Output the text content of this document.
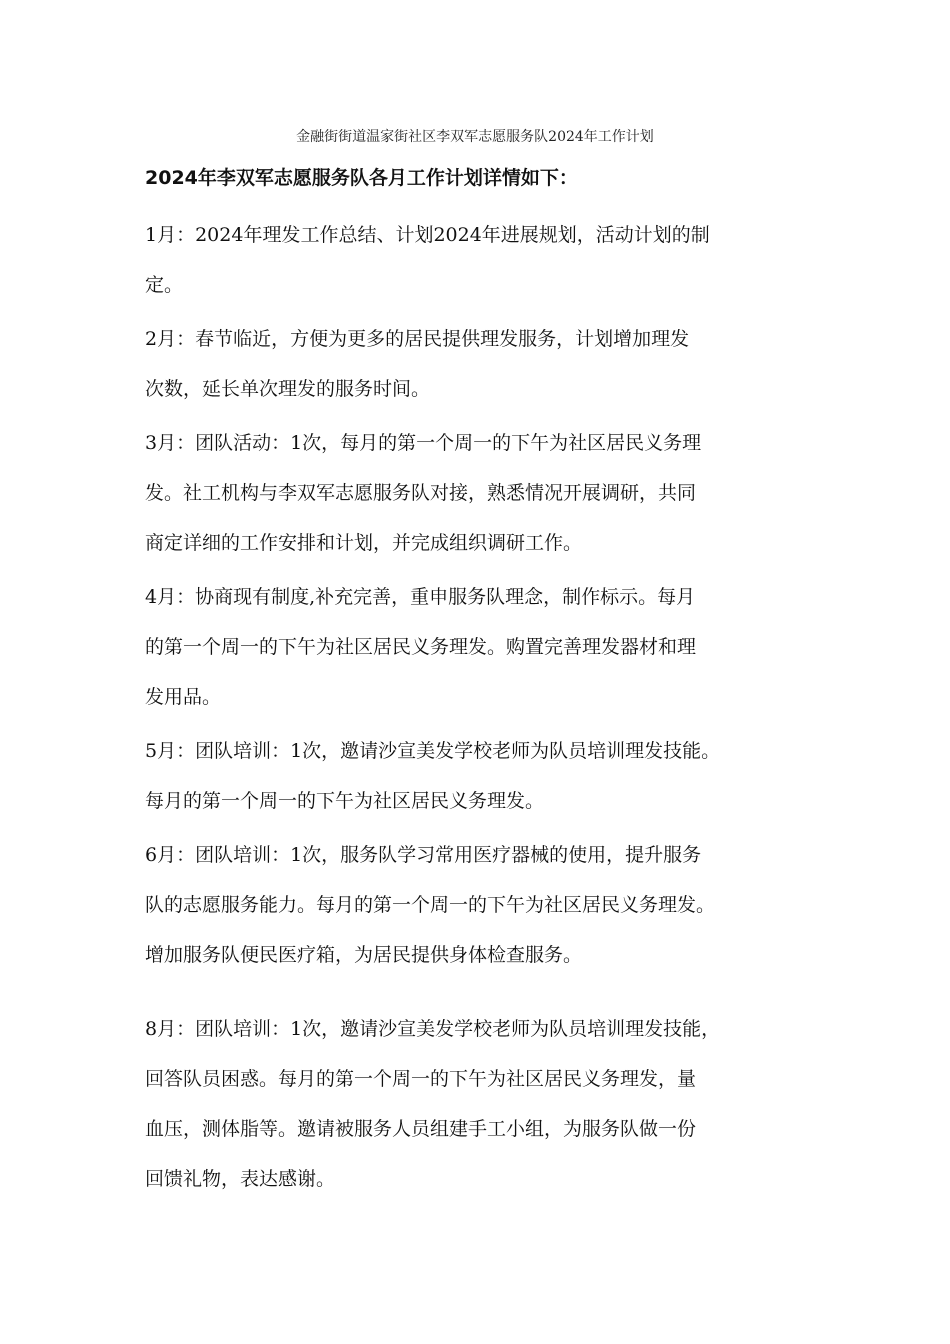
金融街街道温家街社区李双军志愿服务队2024年工作计划
2024年李双军志愿服务队各月工作计划详情如下：
1月：2024年理发工作总结、计划2024年进展规划，活动计划的制
定。
2月：春节临近，方便为更多的居民提供理发服务，计划增加理发
次数，延长单次理发的服务时间。
3月：团队活动：1次，每月的第一个周一的下午为社区居民义务理
发。社工机构与李双军志愿服务队对接，熟悉情况开展调研，共同
商定详细的工作安排和计划，并完成组织调研工作。
4月：协商现有制度,补充完善，重申服务队理念，制作标示。每月
的第一个周一的下午为社区居民义务理发。购置完善理发器材和理
发用品。
5月：团队培训：1次，邀请沙宣美发学校老师为队员培训理发技能。
每月的第一个周一的下午为社区居民义务理发。
6月：团队培训：1次，服务队学习常用医疗器械的使用，提升服务
队的志愿服务能力。每月的第一个周一的下午为社区居民义务理发。
增加服务队便民医疗箱，为居民提供身体检查服务。
8月：团队培训：1次，邀请沙宣美发学校老师为队员培训理发技能，
回答队员困惑。每月的第一个周一的下午为社区居民义务理发，量
血压，测体脂等。邀请被服务人员组建手工小组，为服务队做一份
回馈礼物，表达感谢。
